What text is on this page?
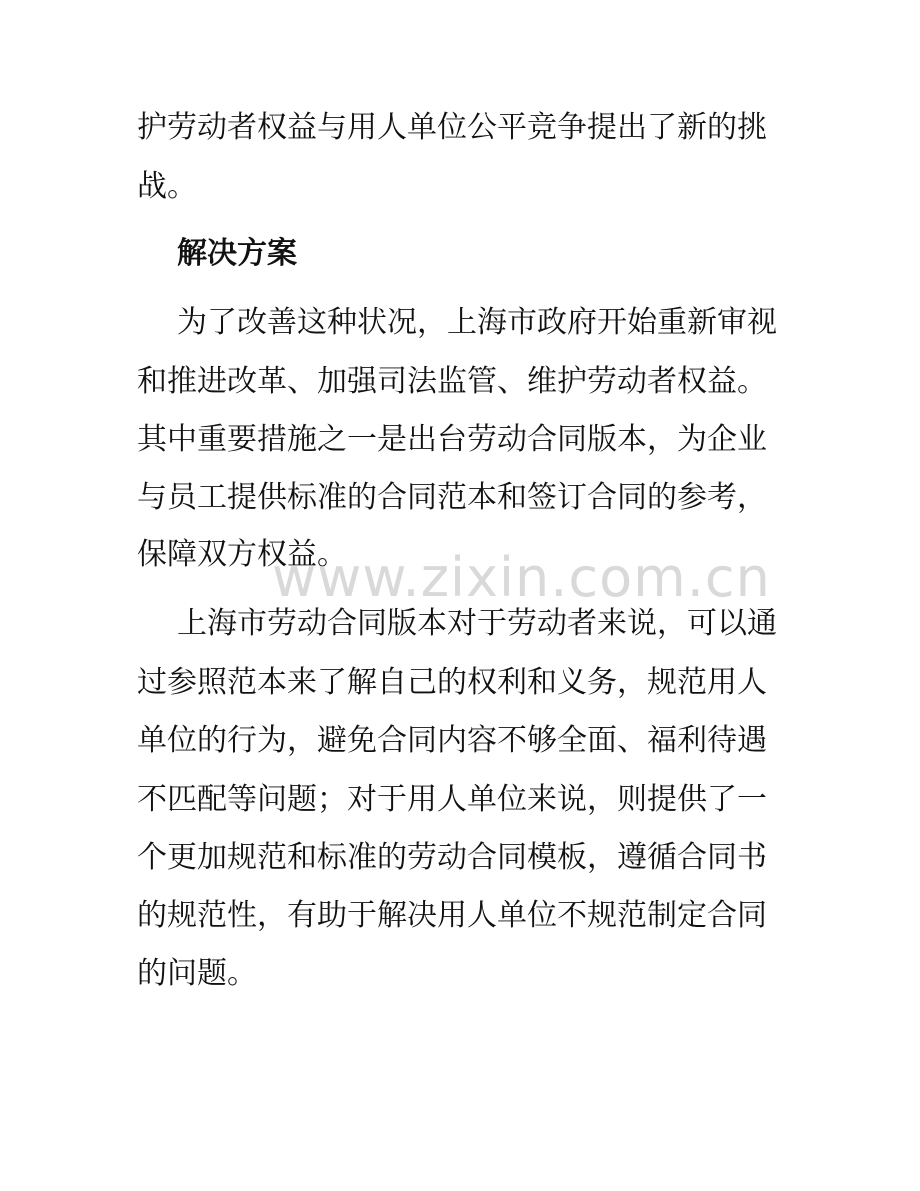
护劳动者权益与用人单位公平竞争提出了新的挑
战。
解决方案
为了改善这种状况，上海市政府开始重新审视
和推进改革、加强司法监管、维护劳动者权益。
其中重要措施之一是出台劳动合同版本，为企业
与员工提供标准的合同范本和签订合同的参考，
保障双方权益。
上海市劳动合同版本对于劳动者来说，可以通
过参照范本来了解自己的权利和义务，规范用人
单位的行为，避免合同内容不够全面、福利待遇
不匹配等问题；对于用人单位来说，则提供了一
个更加规范和标准的劳动合同模板，遵循合同书
的规范性，有助于解决用人单位不规范制定合同
的问题。
www.zixin.com.cn
